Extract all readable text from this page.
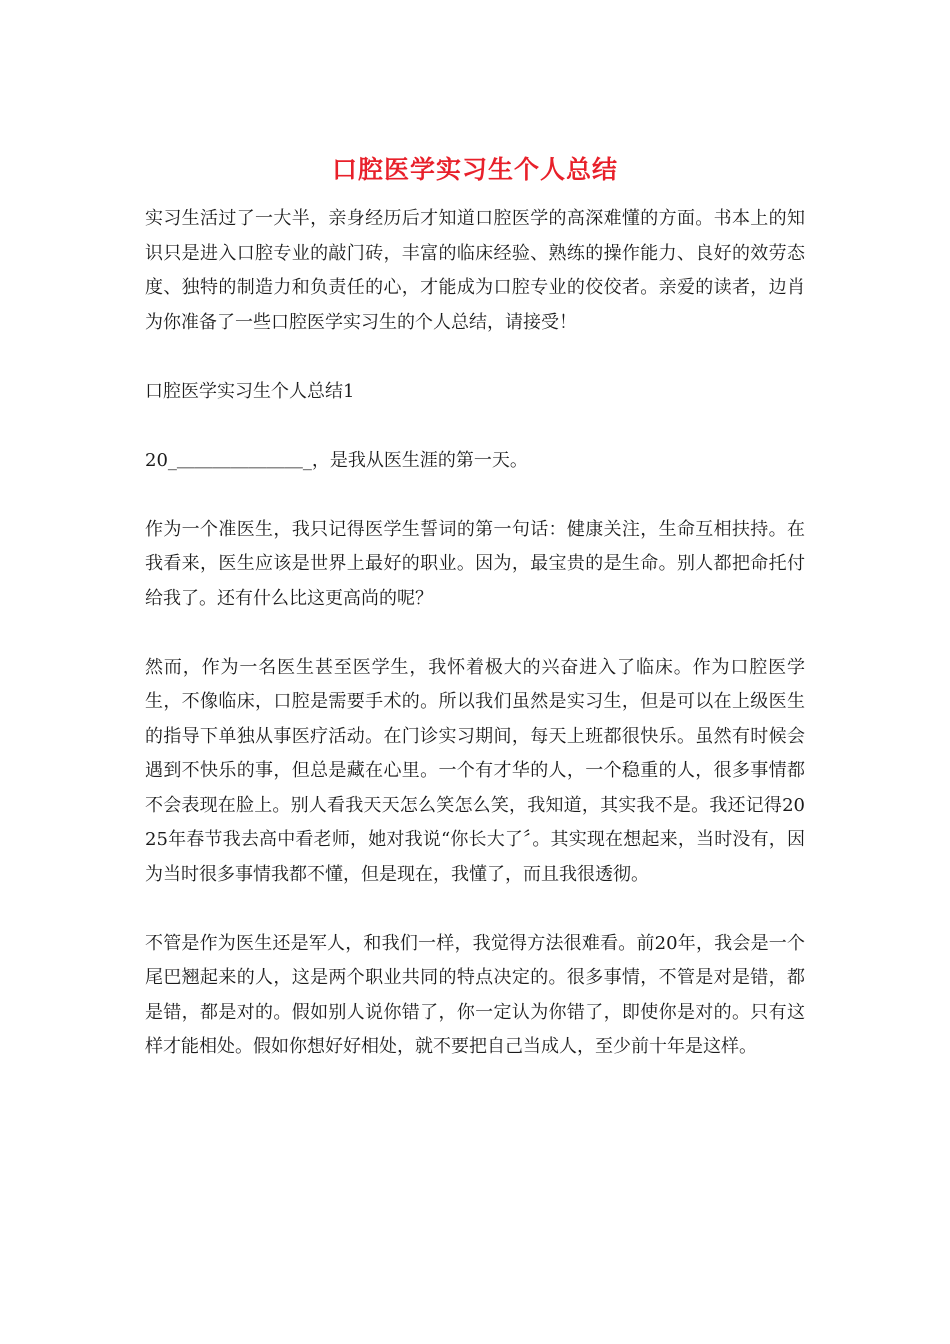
口腔医学实习生个人总结

实习生活过了一大半，亲身经历后才知道口腔医学的高深难懂的方面。书本上的知识只是进入口腔专业的敲门砖，丰富的临床经验、熟练的操作能力、良好的效劳态度、独特的制造力和负责任的心，才能成为口腔专业的佼佼者。亲爱的读者，边肖为你准备了一些口腔医学实习生的个人总结，请接受！

口腔医学实习生个人总结1

20_＿＿＿＿＿＿＿_，是我从医生涯的第一天。

作为一个准医生，我只记得医学生誓词的第一句话：健康关注，生命互相扶持。在我看来，医生应该是世界上最好的职业。因为，最宝贵的是生命。别人都把命托付给我了。还有什么比这更高尚的呢？

然而，作为一名医生甚至医学生，我怀着极大的兴奋进入了临床。作为口腔医学生，不像临床，口腔是需要手术的。所以我们虽然是实习生，但是可以在上级医生的指导下单独从事医疗活动。在门诊实习期间，每天上班都很快乐。虽然有时候会遇到不快乐的事，但总是藏在心里。一个有才华的人，一个稳重的人，很多事情都不会表现在脸上。别人看我天天怎么笑怎么笑，我知道，其实我不是。我还记得2025年春节我去高中看老师，她对我说“你长大了〞。其实现在想起来，当时没有，因为当时很多事情我都不懂，但是现在，我懂了，而且我很透彻。

不管是作为医生还是军人，和我们一样，我觉得方法很难看。前20年，我会是一个尾巴翘起来的人，这是两个职业共同的特点决定的。很多事情，不管是对是错，都是错，都是对的。假如别人说你错了，你一定认为你错了，即使你是对的。只有这样才能相处。假如你想好好相处，就不要把自己当成人，至少前十年是这样。
